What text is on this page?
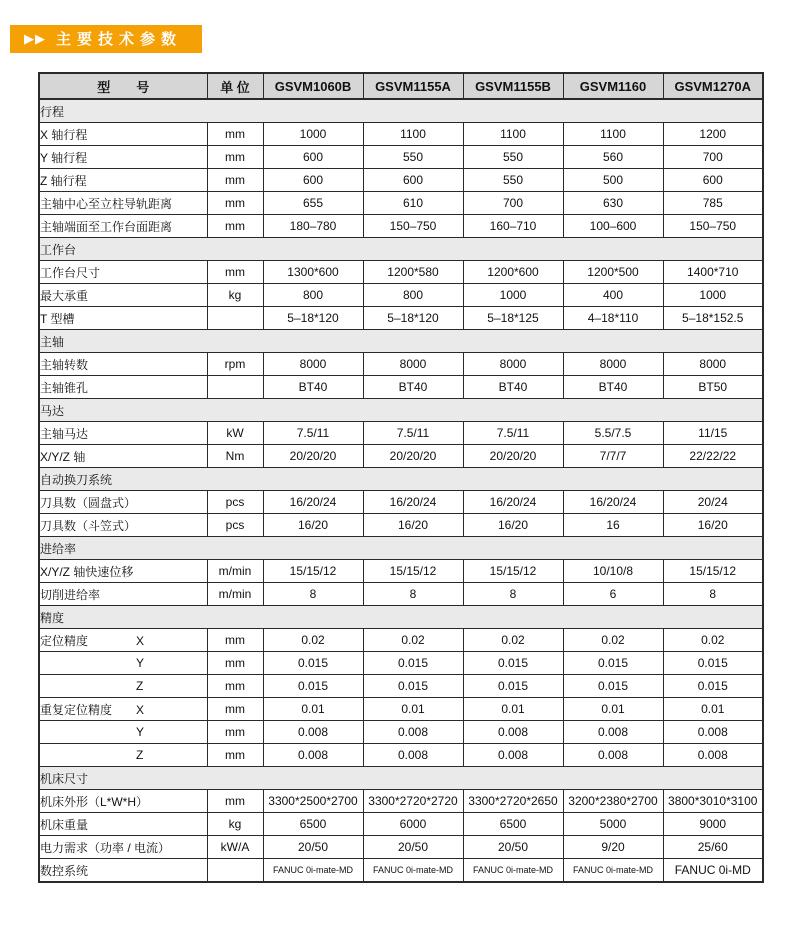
▶▶ 主要技术参数
型　　号	单 位	GSVM1060B	GSVM1155A	GSVM1155B	GSVM1160	GSVM1270A
行程						
X 轴行程	mm	1000	1100	1100	1100	1200
Y 轴行程	mm	600	550	550	560	700
Z 轴行程	mm	600	600	550	500	600
主轴中心至立柱导轨距离	mm	655	610	700	630	785
主轴端面至工作台面距离	mm	180–780	150–750	160–710	100–600	150–750
工作台						
工作台尺寸	mm	1300*600	1200*580	1200*600	1200*500	1400*710
最大承重	kg	800	800	1000	400	1000
T 型槽		5–18*120	5–18*120	5–18*125	4–18*110	5–18*152.5
主轴						
主轴转数	rpm	8000	8000	8000	8000	8000
主轴锥孔		BT40	BT40	BT40	BT40	BT50
马达						
主轴马达	kW	7.5/11	7.5/11	7.5/11	5.5/7.5	11/15
X/Y/Z 轴	Nm	20/20/20	20/20/20	20/20/20	7/7/7	22/22/22
自动换刀系统						
刀具数（圆盘式）	pcs	16/20/24	16/20/24	16/20/24	16/20/24	20/24
刀具数（斗笠式）	pcs	16/20	16/20	16/20	16	16/20
进给率						
X/Y/Z 轴快速位移	m/min	15/15/12	15/15/12	15/15/12	10/10/8	15/15/12
切削进给率	m/min	8	8	8	6	8
精度						
定位精度 X	mm	0.02	0.02	0.02	0.02	0.02
Y	mm	0.015	0.015	0.015	0.015	0.015
Z	mm	0.015	0.015	0.015	0.015	0.015
重复定位精度 X	mm	0.01	0.01	0.01	0.01	0.01
Y	mm	0.008	0.008	0.008	0.008	0.008
Z	mm	0.008	0.008	0.008	0.008	0.008
机床尺寸						
机床外形（L*W*H）	mm	3300*2500*2700	3300*2720*2720	3300*2720*2650	3200*2380*2700	3800*3010*3100
机床重量	kg	6500	6000	6500	5000	9000
电力需求（功率 / 电流）	kW/A	20/50	20/50	20/50	9/20	25/60
数控系统		FANUC 0i-mate-MD	FANUC 0i-mate-MD	FANUC 0i-mate-MD	FANUC 0i-mate-MD	FANUC 0i-MD
